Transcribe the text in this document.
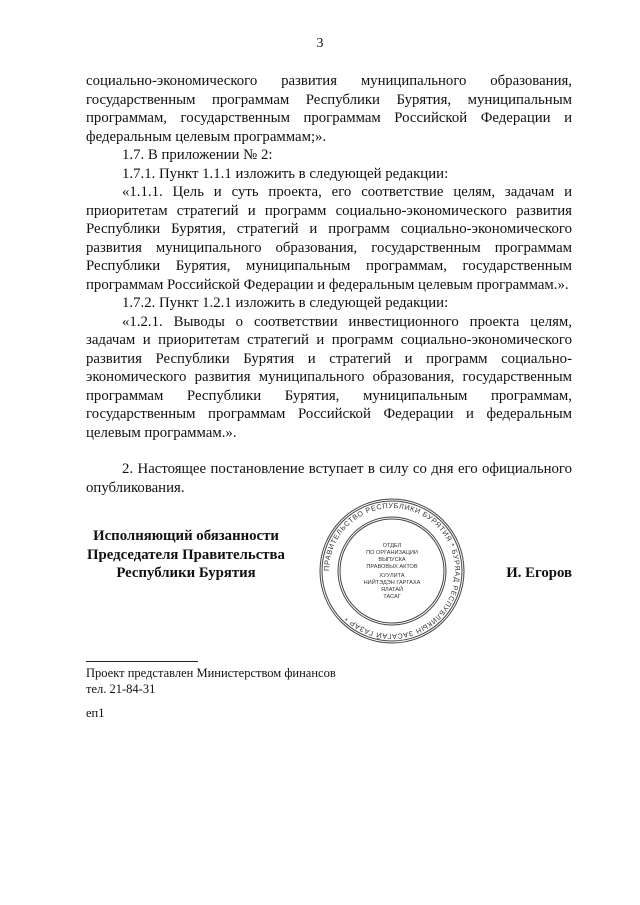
3

социально-экономического развития муниципального образования, государственным программам Республики Бурятия, муниципальным программам, государственным программам Российской Федерации и федеральным целевым программам;».

1.7. В приложении № 2:

1.7.1. Пункт 1.1.1 изложить в следующей редакции:

«1.1.1. Цель и суть проекта, его соответствие целям, задачам и приоритетам стратегий и программ социально-экономического развития Республики Бурятия, стратегий и программ социально-экономического развития муниципального образования, государственным программам Республики Бурятия, муниципальным программам, государственным программам Российской Федерации и федеральным целевым программам.».

1.7.2. Пункт 1.2.1 изложить в следующей редакции:

«1.2.1. Выводы о соответствии инвестиционного проекта целям, задачам и приоритетам стратегий и программ социально-экономического развития Республики Бурятия и стратегий и программ социально-экономического развития муниципального образования, государственным программам Республики Бурятия, муниципальным программам, государственным программам Российской Федерации и федеральным целевым программам.».

2. Настоящее постановление вступает в силу со дня его официального опубликования.

Исполняющий обязанности
Председателя Правительства
Республики Бурятия	ПРАВИТЕЛЬСТВО РЕСПУБЛИКИ БУРЯТИЯ * БУРЯАД РЕСПУБЛИКЫН ЗАСАГАЙ ГАЗАР *
ОТДЕЛ
ПО ОРГАНИЗАЦИИ
ВЫПУСКА
ПРАВОВЫХ АКТОВ
ХУУЛИТА
НИЙТЭДЭН ГАРГАХА
ЯЛАТАЙ
ТАСАГ
И. Егоров
Проект представлен Министерством финансов
тел. 21-84-31
еп1
